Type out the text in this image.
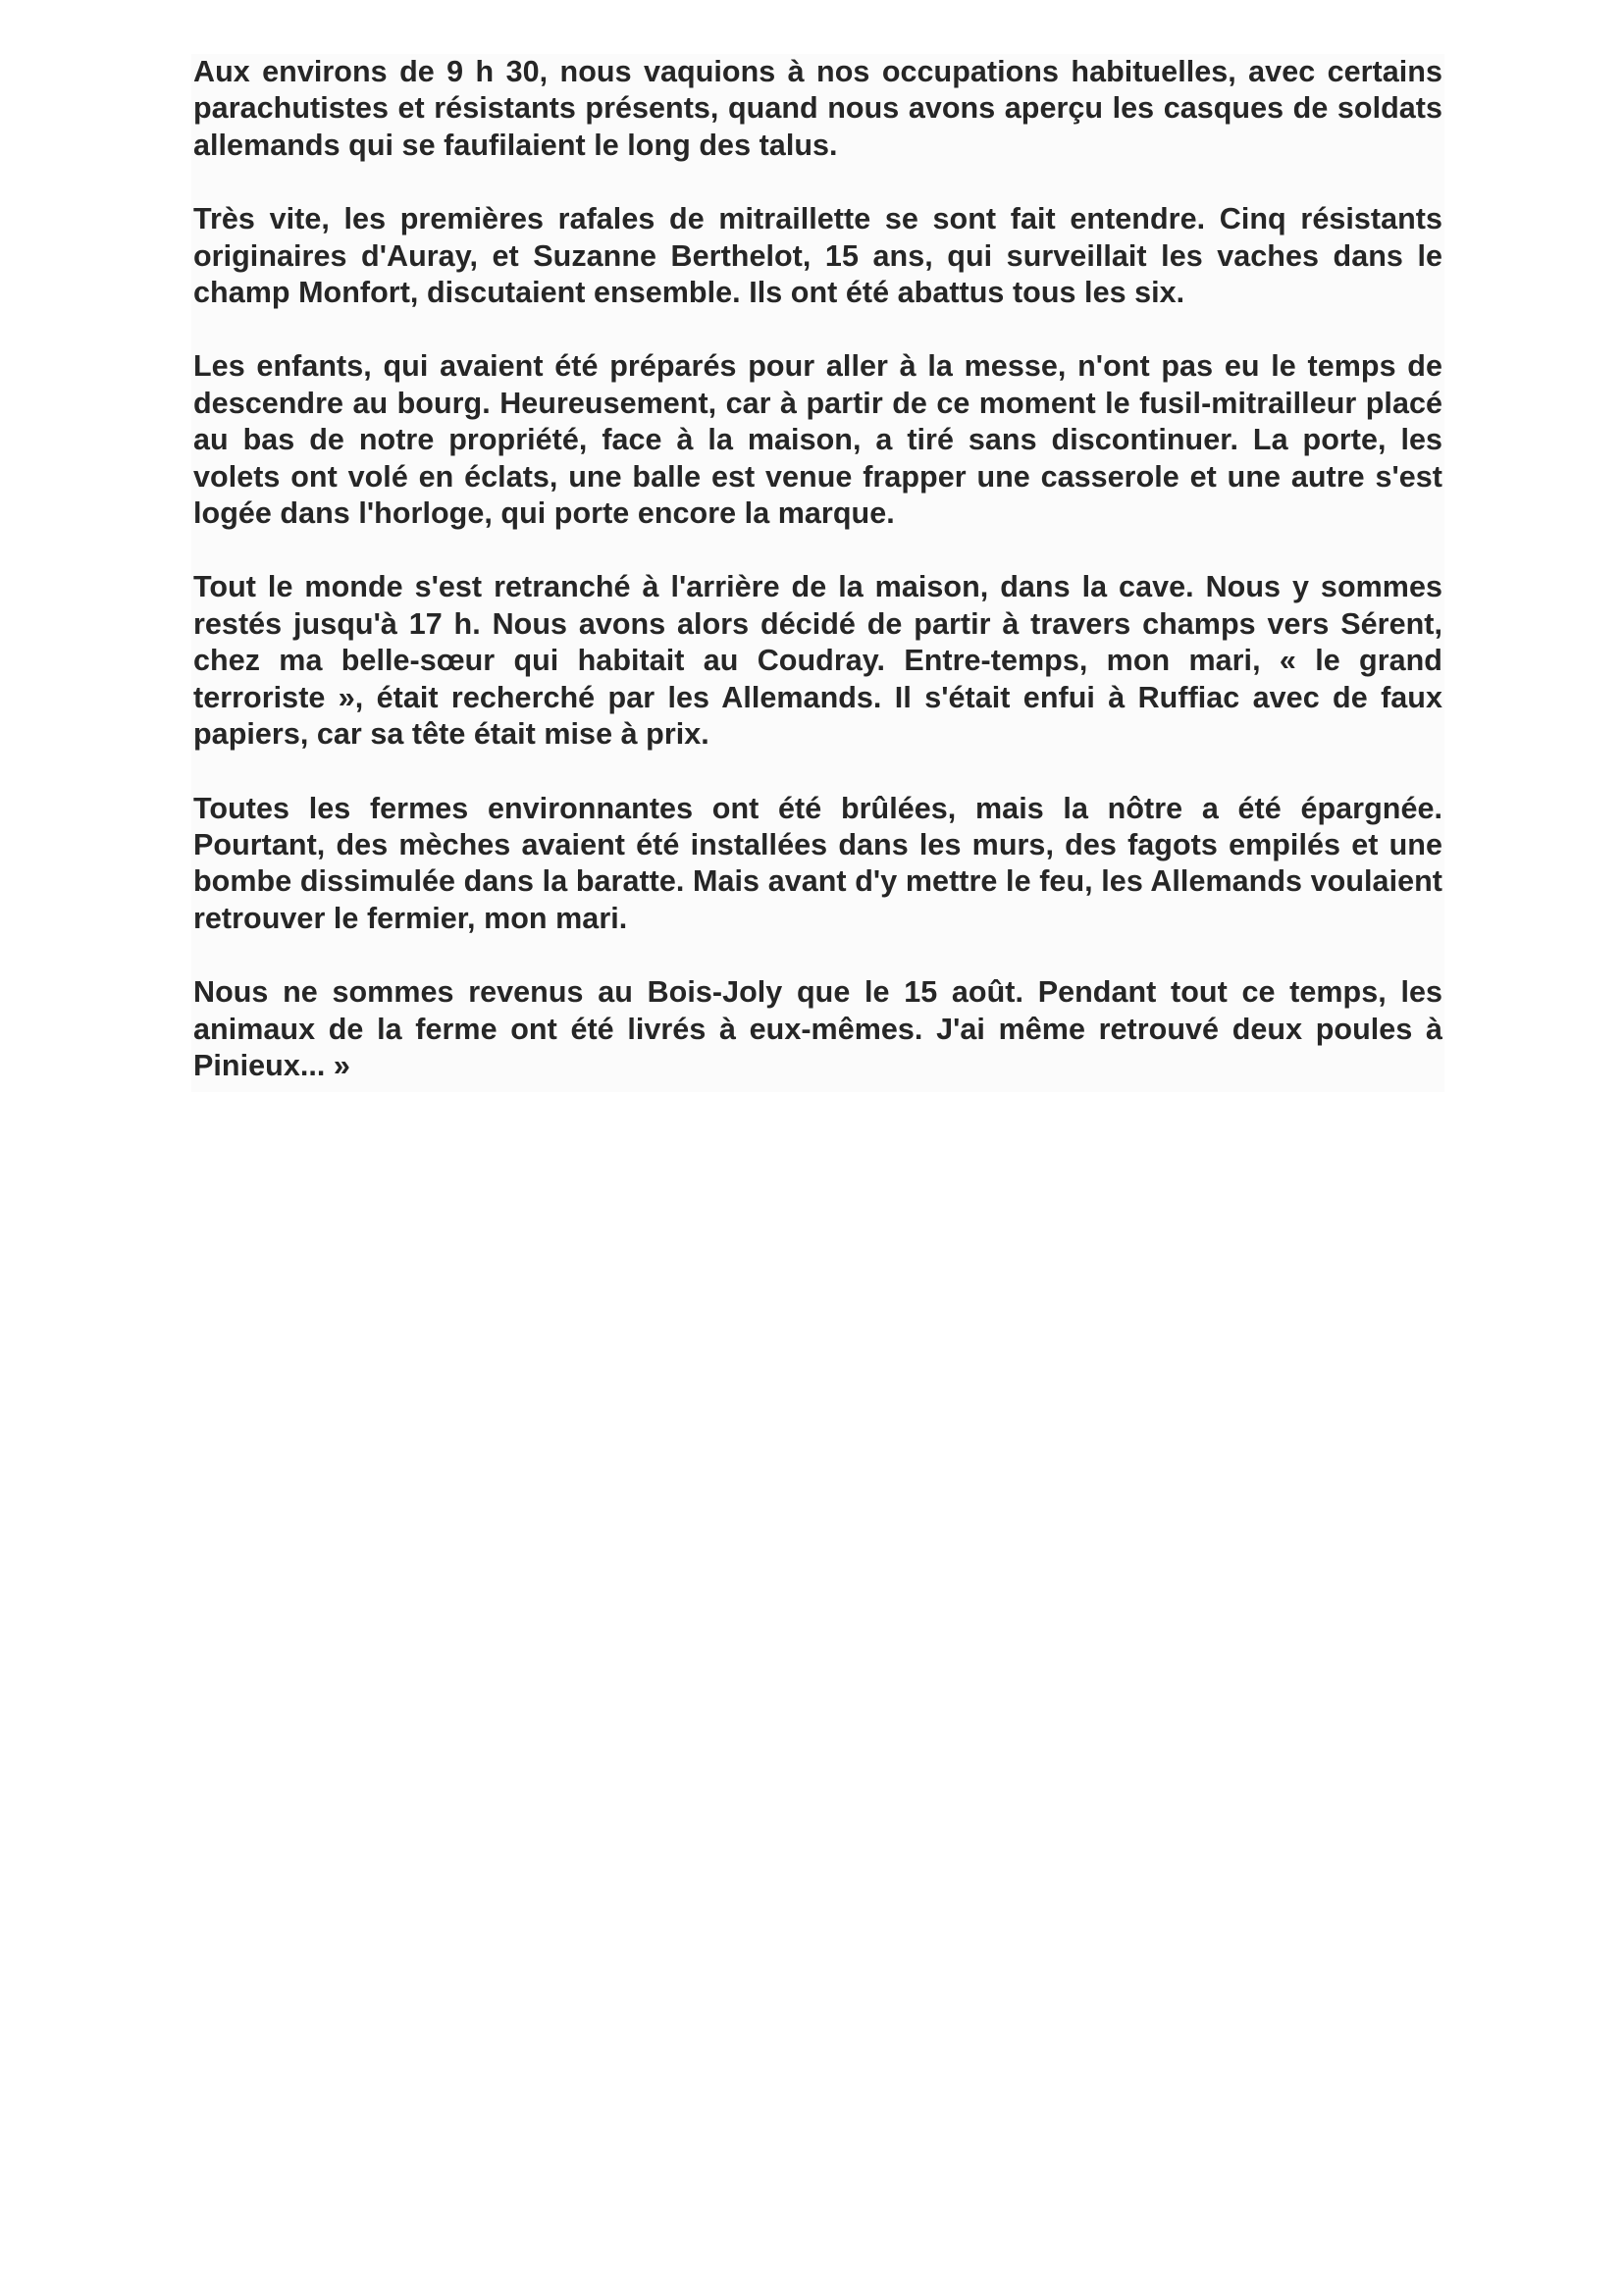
Aux environs de 9 h 30, nous vaquions à nos occupations habituelles, avec certains parachutistes et résistants présents, quand nous avons aperçu les casques de soldats allemands qui se faufilaient le long des talus.

Très vite, les premières rafales de mitraillette se sont fait entendre. Cinq résistants originaires d'Auray, et Suzanne Berthelot, 15 ans, qui surveillait les vaches dans le champ Monfort, discutaient ensemble. Ils ont été abattus tous les six.

Les enfants, qui avaient été préparés pour aller à la messe, n'ont pas eu le temps de descendre au bourg. Heureusement, car à partir de ce moment le fusil-mitrailleur placé au bas de notre propriété, face à la maison, a tiré sans discontinuer. La porte, les volets ont volé en éclats, une balle est venue frapper une casserole et une autre s'est logée dans l'horloge, qui porte encore la marque.

Tout le monde s'est retranché à l'arrière de la maison, dans la cave. Nous y sommes restés jusqu'à 17 h. Nous avons alors décidé de partir à travers champs vers Sérent, chez ma belle-sœur qui habitait au Coudray. Entre-temps, mon mari, « le grand terroriste », était recherché par les Allemands. Il s'était enfui à Ruffiac avec de faux papiers, car sa tête était mise à prix.

Toutes les fermes environnantes ont été brûlées, mais la nôtre a été épargnée. Pourtant, des mèches avaient été installées dans les murs, des fagots empilés et une bombe dissimulée dans la baratte. Mais avant d'y mettre le feu, les Allemands voulaient retrouver le fermier, mon mari.

Nous ne sommes revenus au Bois-Joly que le 15 août. Pendant tout ce temps, les animaux de la ferme ont été livrés à eux-mêmes. J'ai même retrouvé deux poules à Pinieux... »
